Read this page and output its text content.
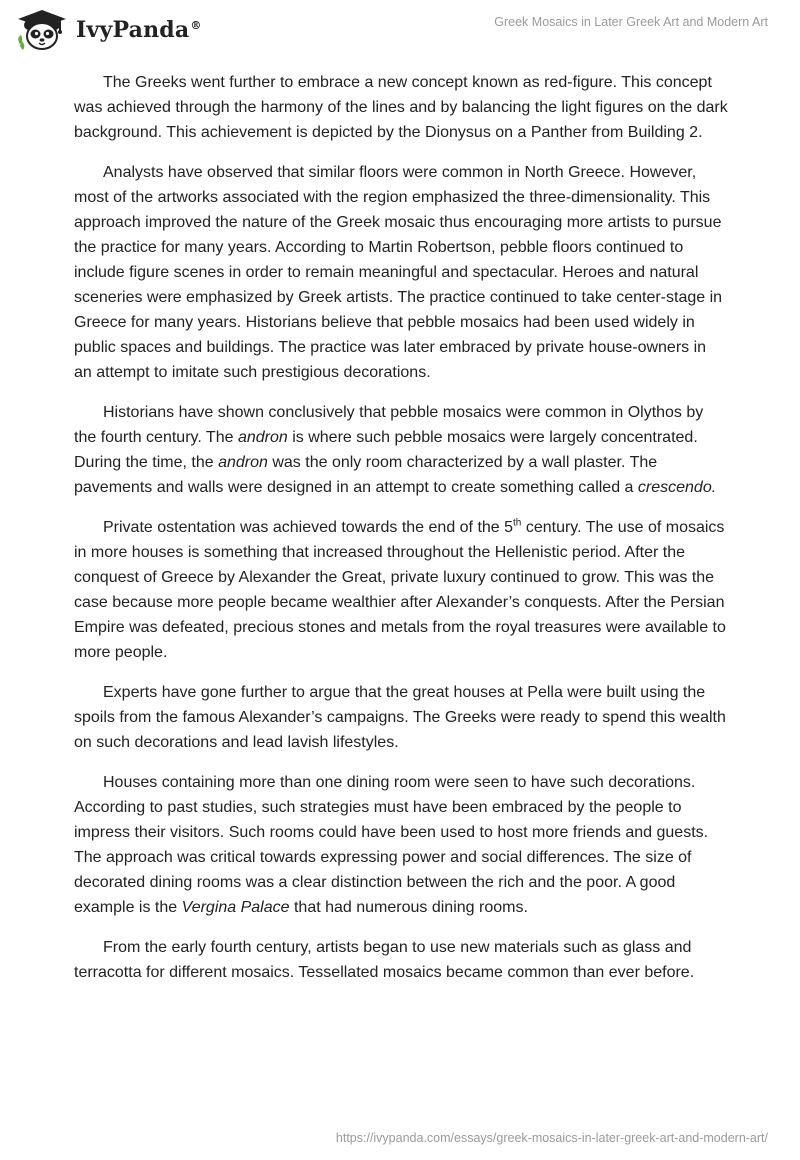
IvyPanda®	Greek Mosaics in Later Greek Art and Modern Art

The Greeks went further to embrace a new concept known as red-figure. This concept was achieved through the harmony of the lines and by balancing the light figures on the dark background. This achievement is depicted by the Dionysus on a Panther from Building 2.

Analysts have observed that similar floors were common in North Greece. However, most of the artworks associated with the region emphasized the three-dimensionality. This approach improved the nature of the Greek mosaic thus encouraging more artists to pursue the practice for many years. According to Martin Robertson, pebble floors continued to include figure scenes in order to remain meaningful and spectacular. Heroes and natural sceneries were emphasized by Greek artists. The practice continued to take center-stage in Greece for many years. Historians believe that pebble mosaics had been used widely in public spaces and buildings. The practice was later embraced by private house-owners in an attempt to imitate such prestigious decorations.

Historians have shown conclusively that pebble mosaics were common in Olythos by the fourth century. The andron is where such pebble mosaics were largely concentrated. During the time, the andron was the only room characterized by a wall plaster. The pavements and walls were designed in an attempt to create something called a crescendo.

Private ostentation was achieved towards the end of the 5th century. The use of mosaics in more houses is something that increased throughout the Hellenistic period. After the conquest of Greece by Alexander the Great, private luxury continued to grow. This was the case because more people became wealthier after Alexander’s conquests. After the Persian Empire was defeated, precious stones and metals from the royal treasures were available to more people.

Experts have gone further to argue that the great houses at Pella were built using the spoils from the famous Alexander’s campaigns. The Greeks were ready to spend this wealth on such decorations and lead lavish lifestyles.

Houses containing more than one dining room were seen to have such decorations. According to past studies, such strategies must have been embraced by the people to impress their visitors. Such rooms could have been used to host more friends and guests. The approach was critical towards expressing power and social differences. The size of decorated dining rooms was a clear distinction between the rich and the poor. A good example is the Vergina Palace that had numerous dining rooms.

From the early fourth century, artists began to use new materials such as glass and terracotta for different mosaics. Tessellated mosaics became common than ever before.

https://ivypanda.com/essays/greek-mosaics-in-later-greek-art-and-modern-art/
